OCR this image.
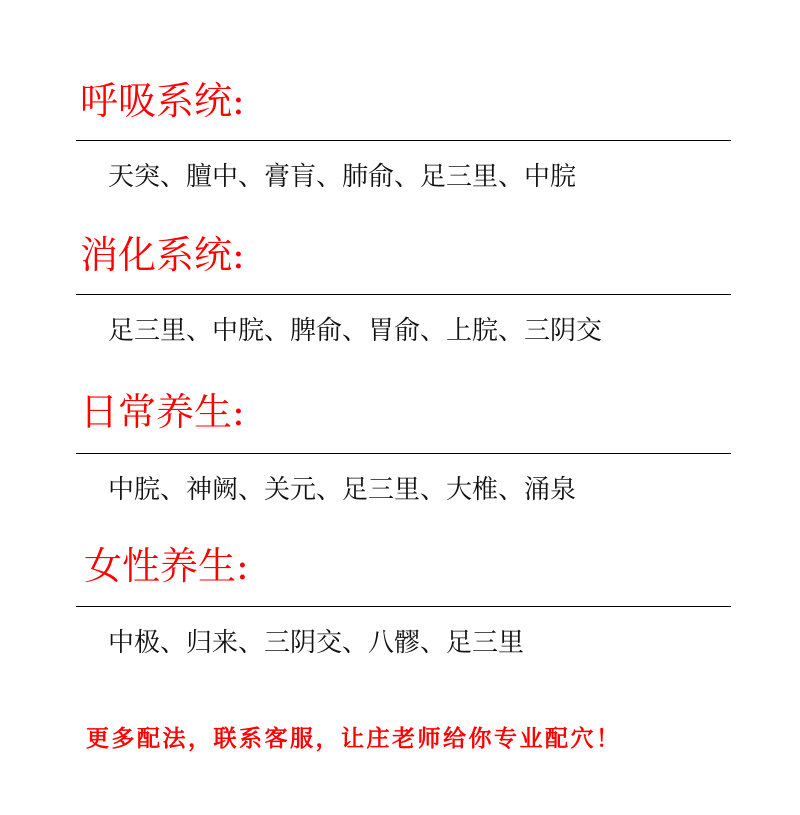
呼吸系统:
天突、膻中、膏肓、肺俞、足三里、中脘
消化系统:
足三里、中脘、脾俞、胃俞、上脘、三阴交
日常养生:
中脘、神阙、关元、足三里、大椎、涌泉
女性养生:
中极、归来、三阴交、八髎、足三里
更多配法，联系客服，让庄老师给你专业配穴！
